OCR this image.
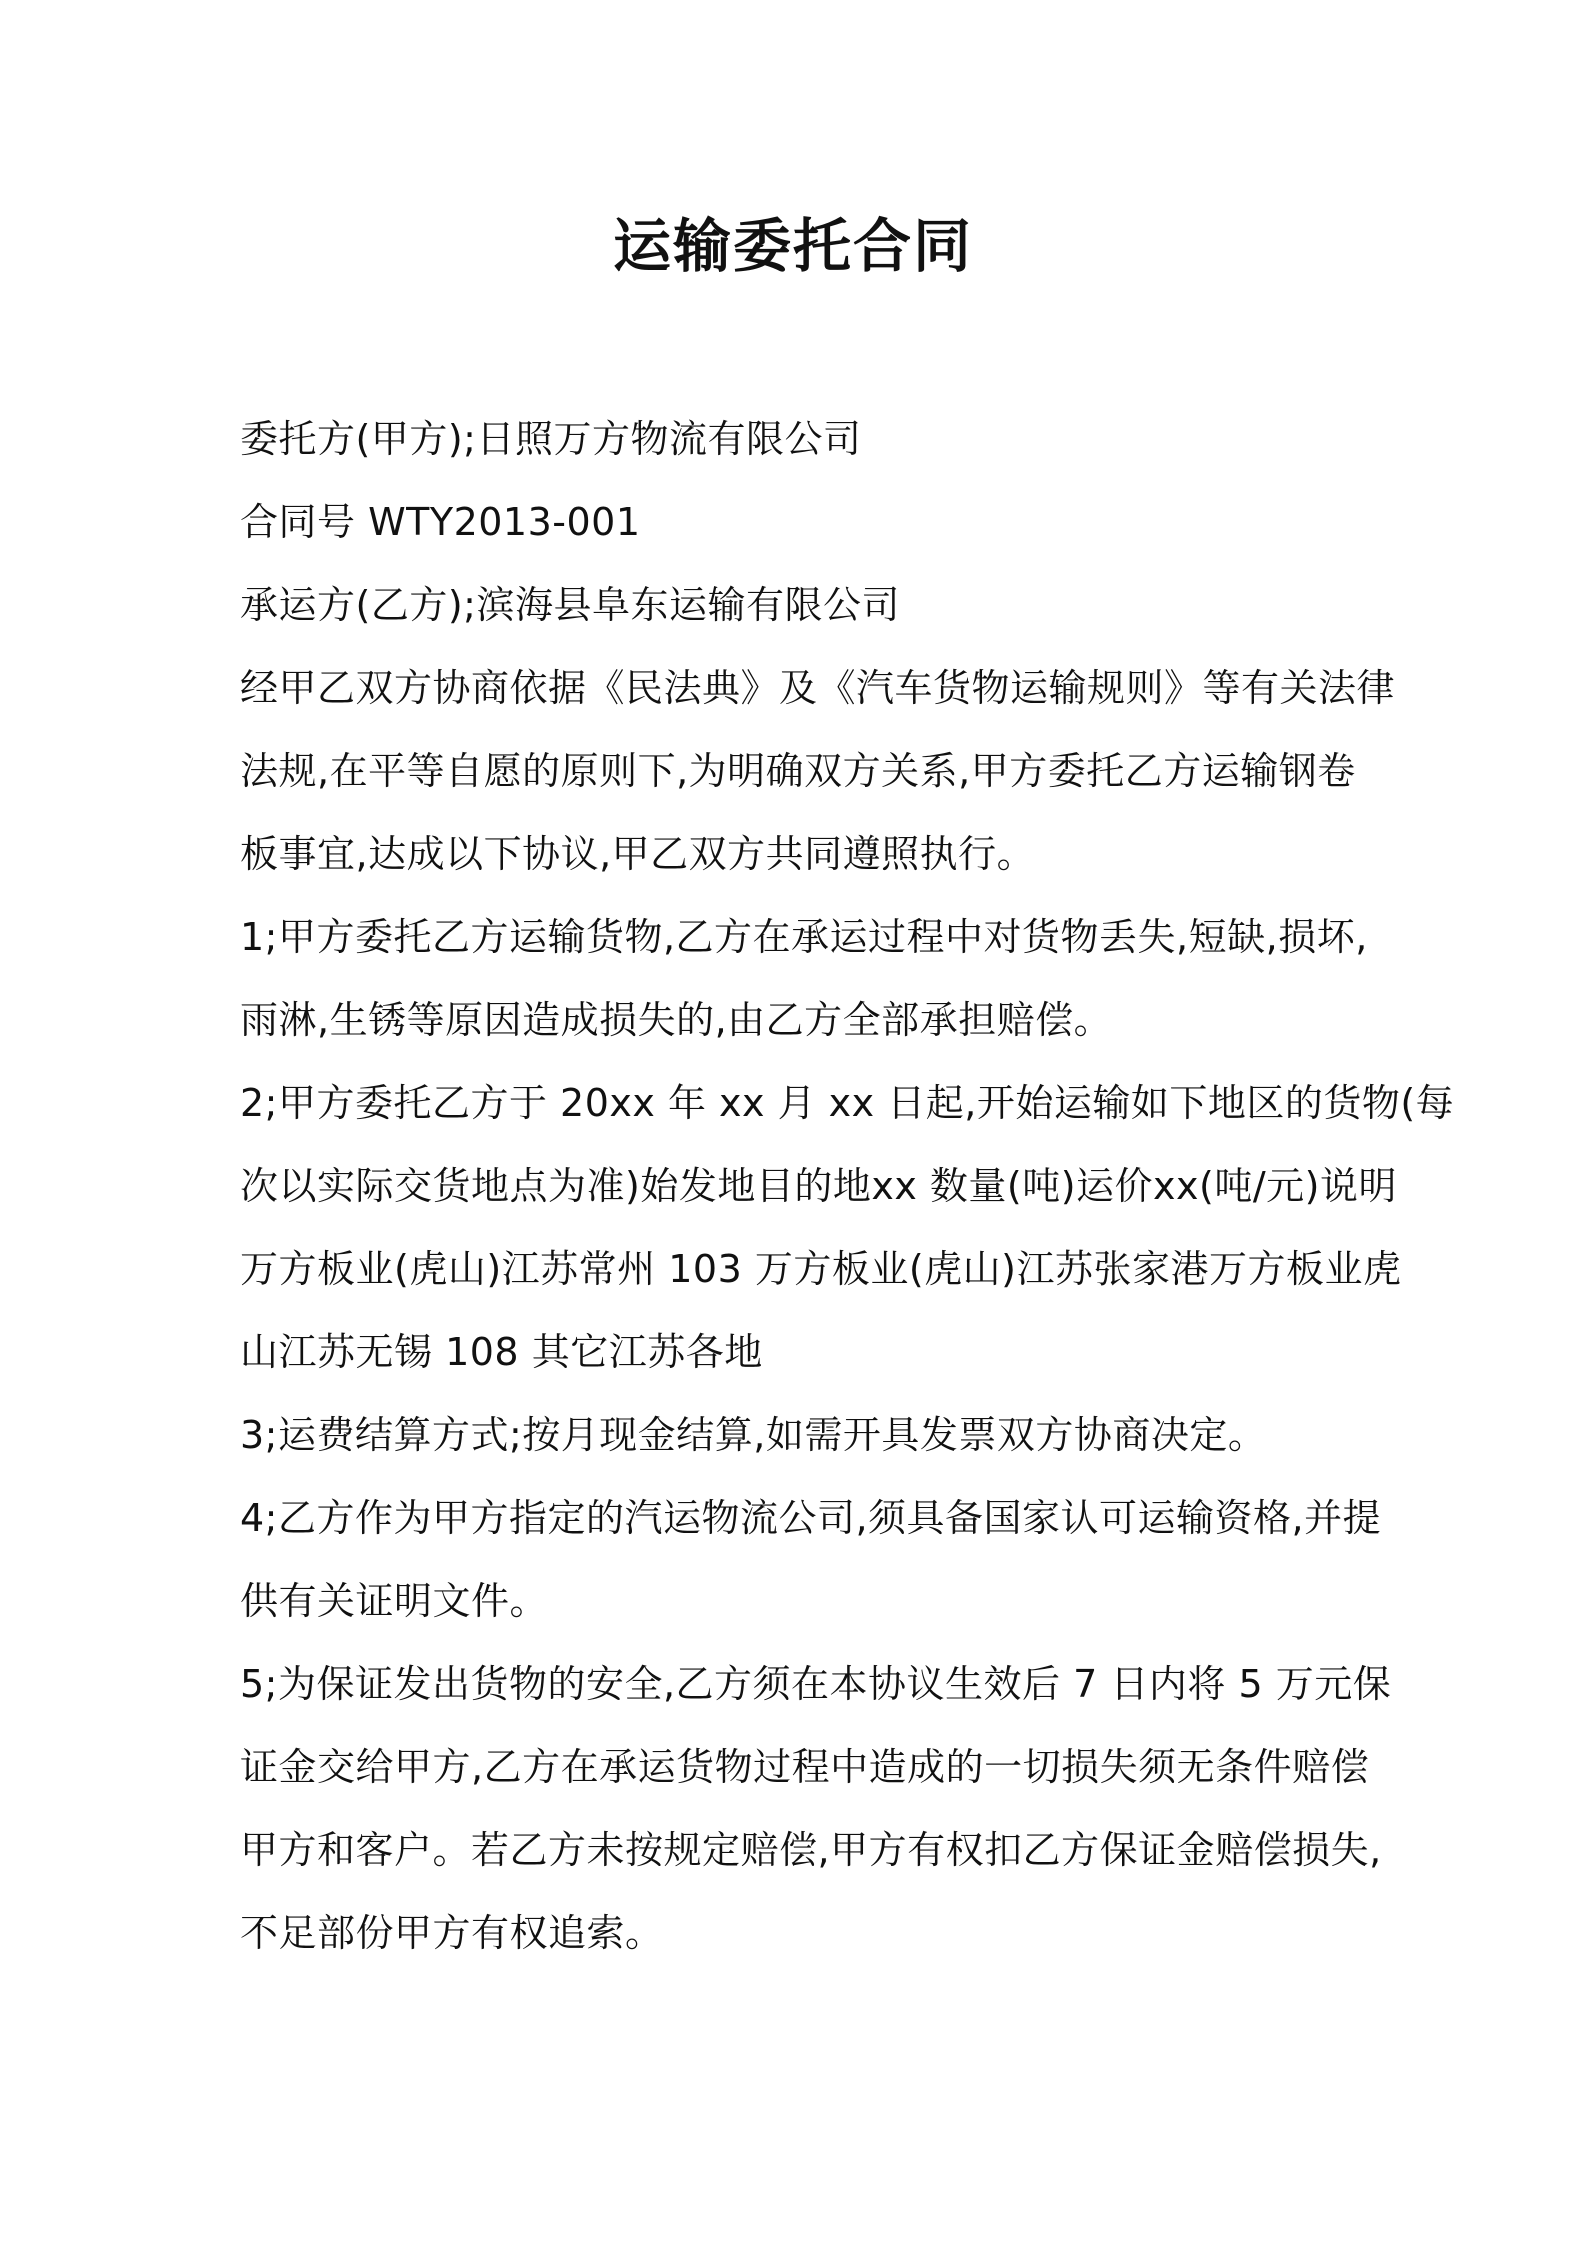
运输委托合同
委托方(甲方);日照万方物流有限公司
合同号 WTY2013-001
承运方(乙方);滨海县阜东运输有限公司
经甲乙双方协商依据《民法典》及《汽车货物运输规则》等有关法律
法规,在平等自愿的原则下,为明确双方关系,甲方委托乙方运输钢卷
板事宜,达成以下协议,甲乙双方共同遵照执行。
1;甲方委托乙方运输货物,乙方在承运过程中对货物丢失,短缺,损坏,
雨淋,生锈等原因造成损失的,由乙方全部承担赔偿。
2;甲方委托乙方于 20xx 年 xx 月 xx 日起,开始运输如下地区的货物(每
次以实际交货地点为准)始发地目的地xx 数量(吨)运价xx(吨/元)说明
万方板业(虎山)江苏常州 103 万方板业(虎山)江苏张家港万方板业虎
山江苏无锡 108 其它江苏各地
3;运费结算方式;按月现金结算,如需开具发票双方协商决定。
4;乙方作为甲方指定的汽运物流公司,须具备国家认可运输资格,并提
供有关证明文件。
5;为保证发出货物的安全,乙方须在本协议生效后 7 日内将 5 万元保
证金交给甲方,乙方在承运货物过程中造成的一切损失须无条件赔偿
甲方和客户。若乙方未按规定赔偿,甲方有权扣乙方保证金赔偿损失,
不足部份甲方有权追索。
